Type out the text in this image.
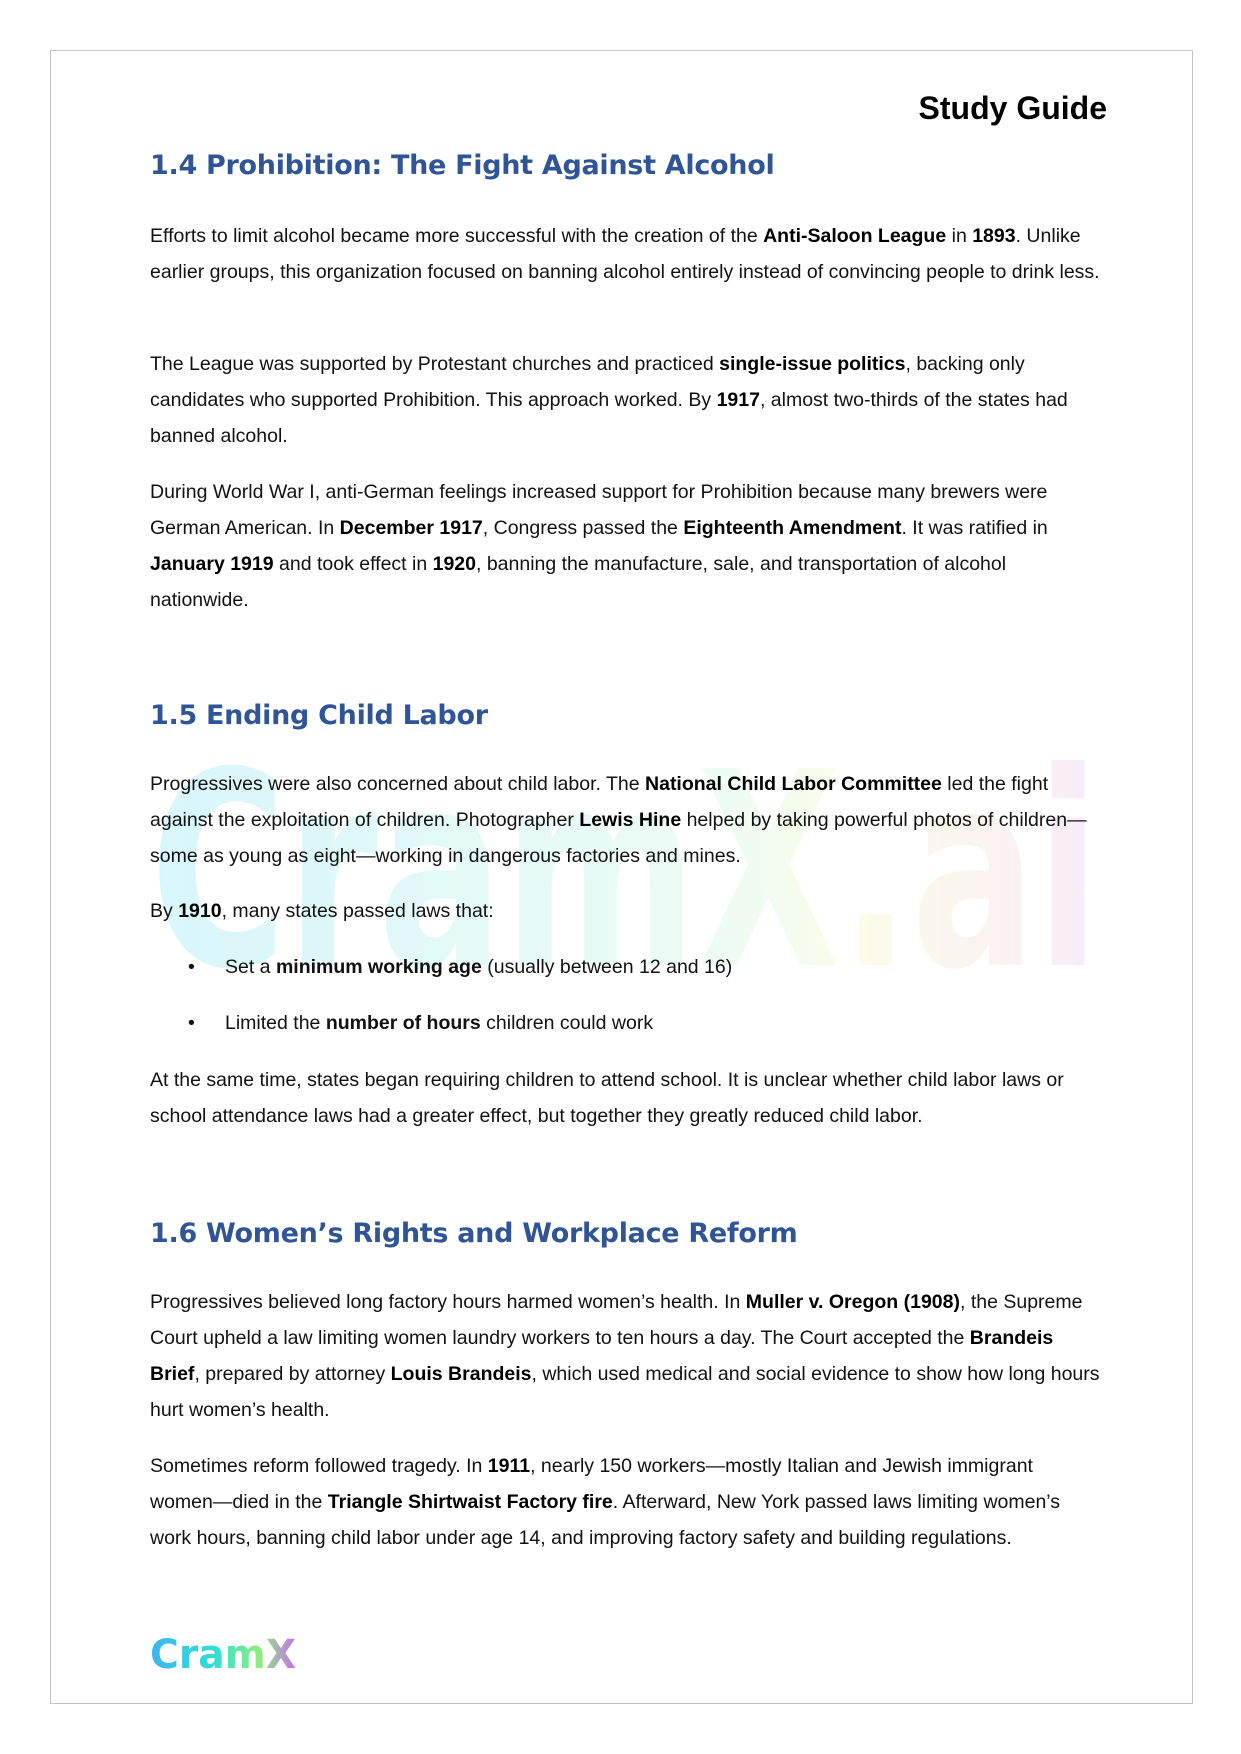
CramX.ai
Study Guide
1.4 Prohibition: The Fight Against Alcohol
Efforts to limit alcohol became more successful with the creation of the Anti-Saloon League in 1893. Unlike earlier groups, this organization focused on banning alcohol entirely instead of convincing people to drink less.
The League was supported by Protestant churches and practiced single-issue politics, backing only candidates who supported Prohibition. This approach worked. By 1917, almost two-thirds of the states had banned alcohol.
During World War I, anti-German feelings increased support for Prohibition because many brewers were German American. In December 1917, Congress passed the Eighteenth Amendment. It was ratified in January 1919 and took effect in 1920, banning the manufacture, sale, and transportation of alcohol nationwide.
1.5 Ending Child Labor
Progressives were also concerned about child labor. The National Child Labor Committee led the fight against the exploitation of children. Photographer Lewis Hine helped by taking powerful photos of children—some as young as eight—working in dangerous factories and mines.
By 1910, many states passed laws that:
• Set a minimum working age (usually between 12 and 16)
• Limited the number of hours children could work
At the same time, states began requiring children to attend school. It is unclear whether child labor laws or school attendance laws had a greater effect, but together they greatly reduced child labor.
1.6 Women’s Rights and Workplace Reform
Progressives believed long factory hours harmed women’s health. In Muller v. Oregon (1908), the Supreme Court upheld a law limiting women laundry workers to ten hours a day. The Court accepted the Brandeis Brief, prepared by attorney Louis Brandeis, which used medical and social evidence to show how long hours hurt women’s health.
Sometimes reform followed tragedy. In 1911, nearly 150 workers—mostly Italian and Jewish immigrant women—died in the Triangle Shirtwaist Factory fire. Afterward, New York passed laws limiting women’s work hours, banning child labor under age 14, and improving factory safety and building regulations.
CramX
